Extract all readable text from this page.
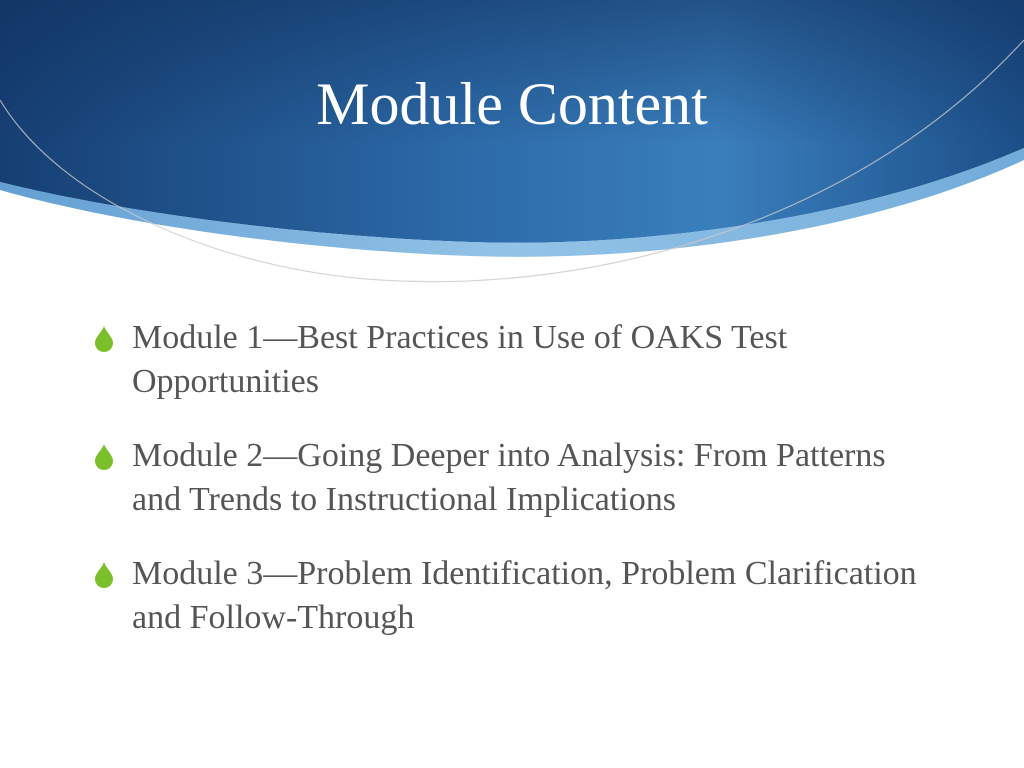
Module Content
Module 1—Best Practices in Use of OAKS Test Opportunities
Module 2—Going Deeper into Analysis: From Patterns and Trends to Instructional Implications
Module 3—Problem Identification, Problem Clarification and Follow-Through
